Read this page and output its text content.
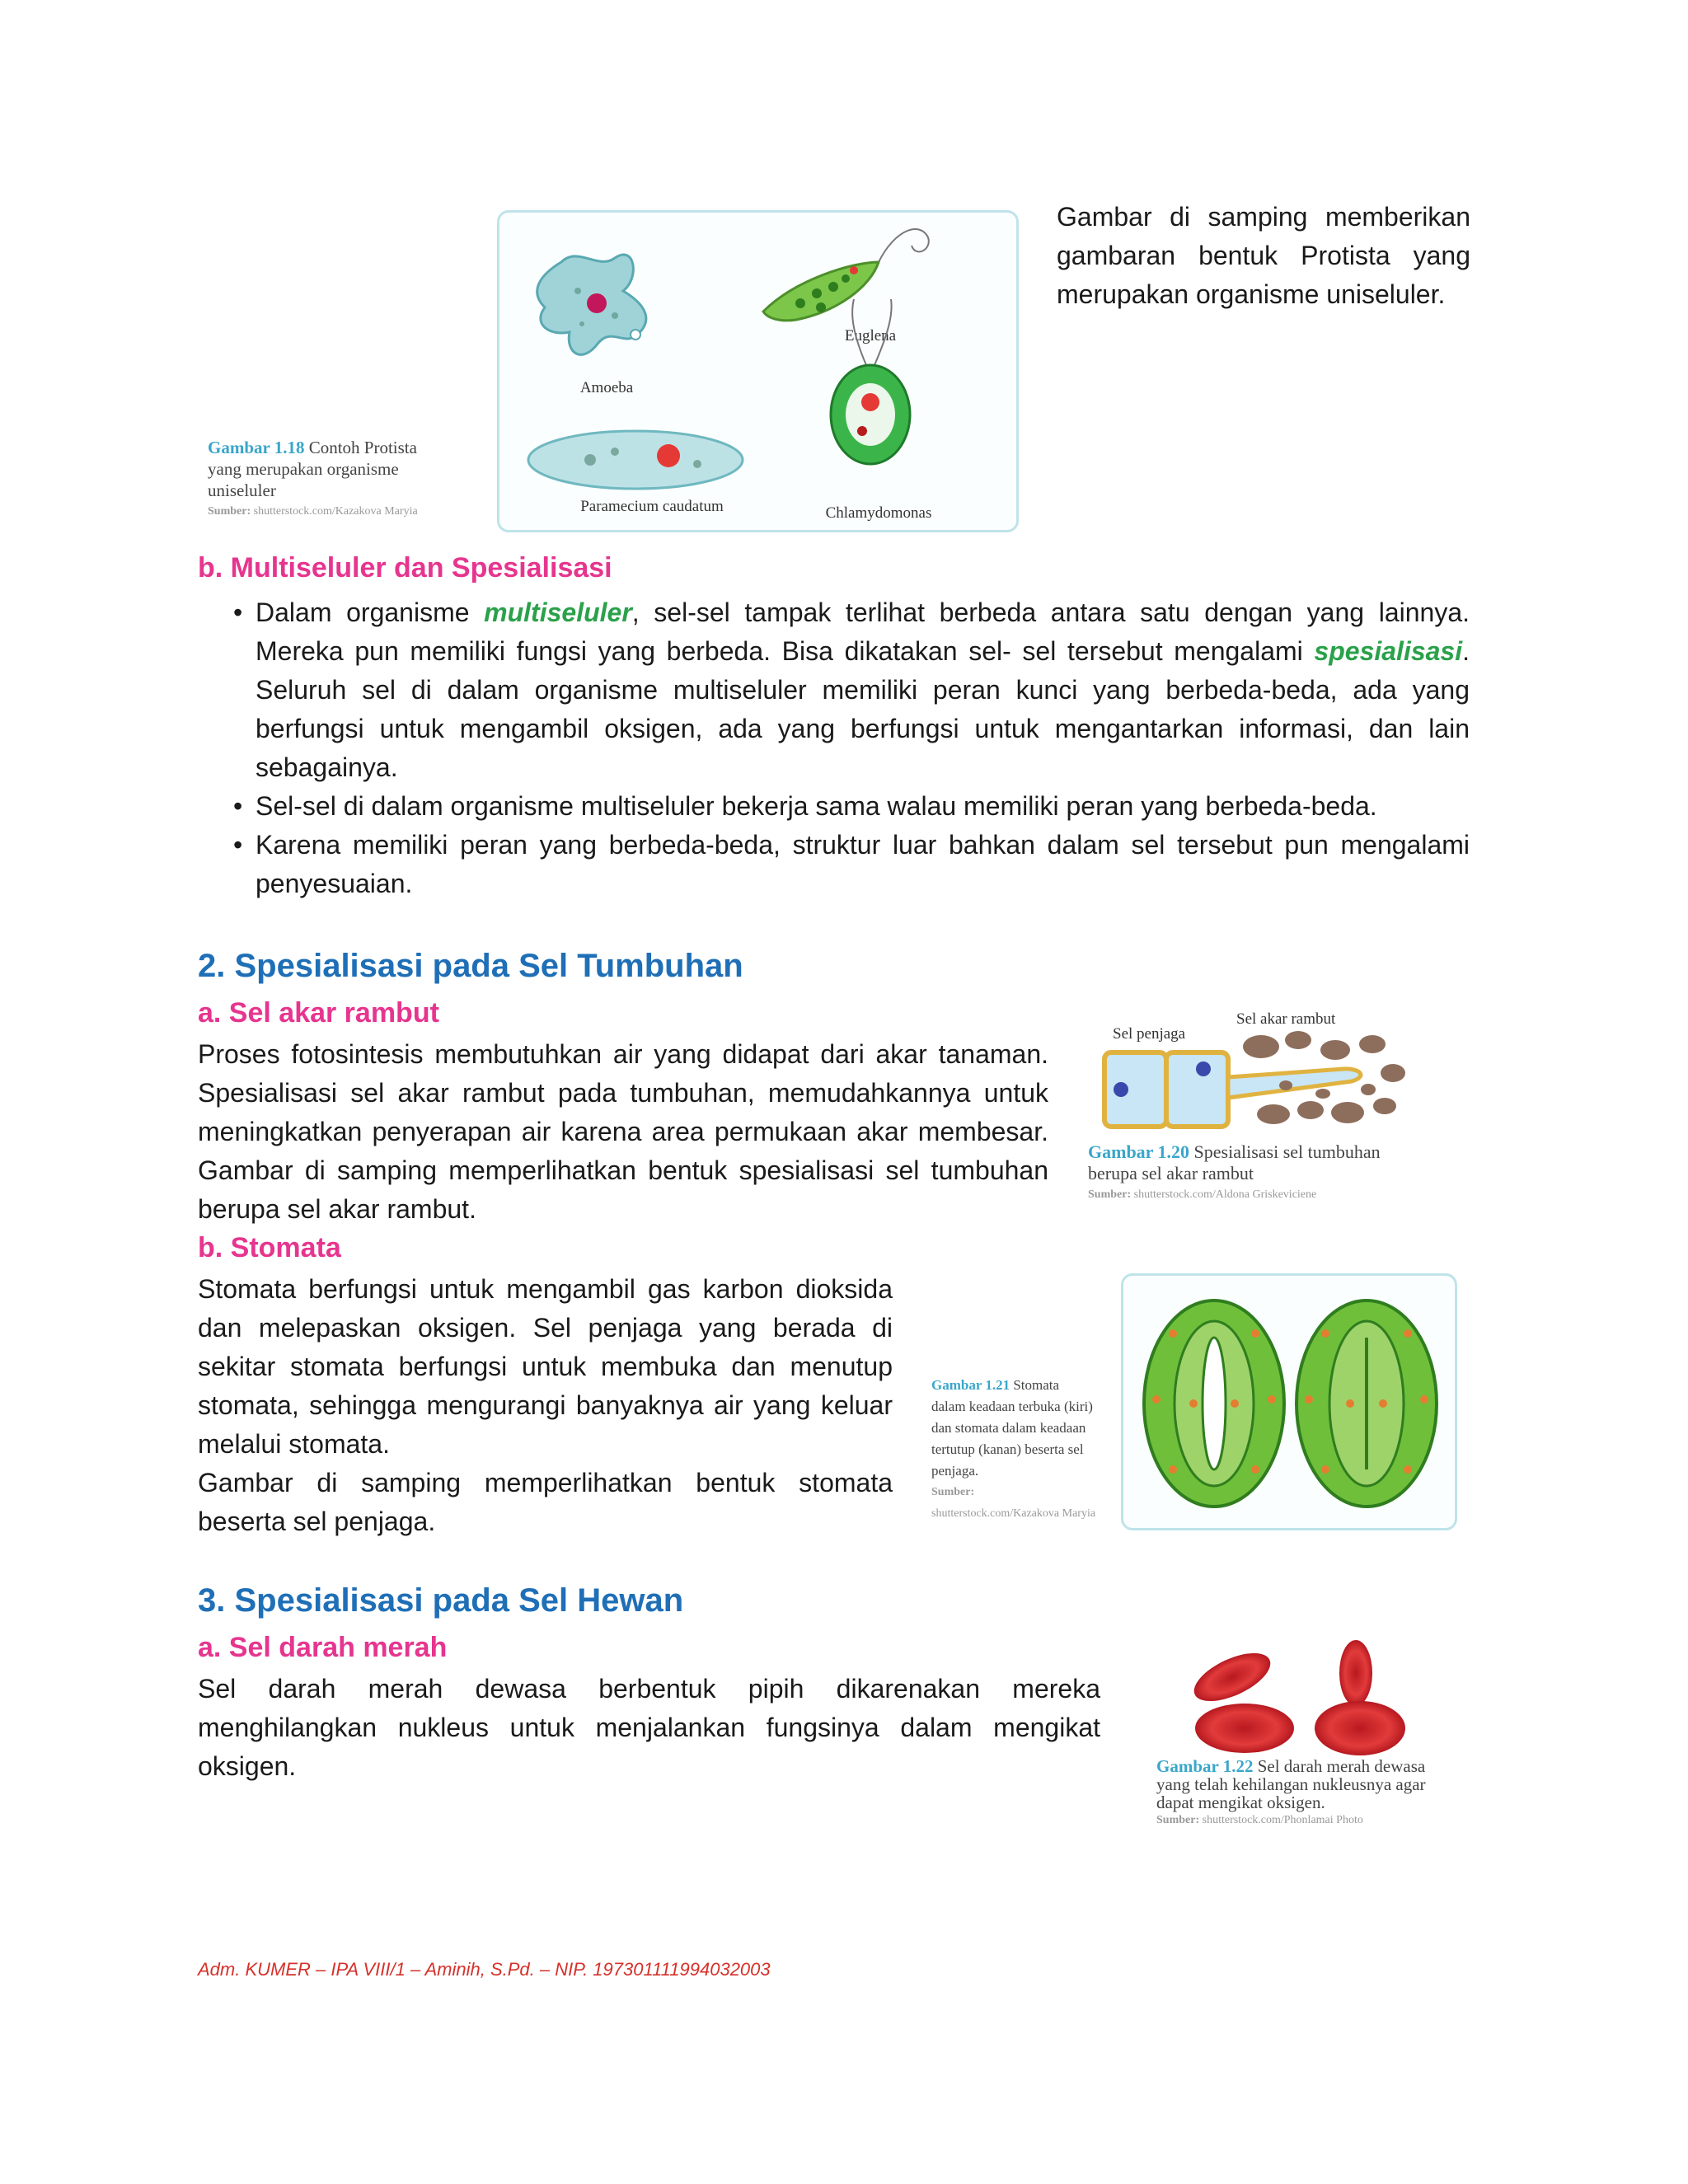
Amoeba
Euglena
Paramecium caudatum	Chlamydomonas
Gambar 1.18 Contoh Protista yang merupakan organisme uniseluler
Sumber: shutterstock.com/Kazakova Maryia
Gambar di samping memberikan gambaran bentuk Protista yang merupakan organisme uniseluler.
b. Multiseluler dan Spesialisasi
• Dalam organisme multiseluler, sel-sel tampak terlihat berbeda antara satu dengan yang lainnya. Mereka pun memiliki fungsi yang berbeda. Bisa dikatakan sel- sel tersebut mengalami spesialisasi. Seluruh sel di dalam organisme multiseluler memiliki peran kunci yang berbeda-beda, ada yang berfungsi untuk mengambil oksigen, ada yang berfungsi untuk mengantarkan informasi, dan lain sebagainya.
• Sel-sel di dalam organisme multiseluler bekerja sama walau memiliki peran yang berbeda-beda.
• Karena memiliki peran yang berbeda-beda, struktur luar bahkan dalam sel tersebut pun mengalami penyesuaian.
2. Spesialisasi pada Sel Tumbuhan
a. Sel akar rambut
Proses fotosintesis membutuhkan air yang didapat dari akar tanaman. Spesialisasi sel akar rambut pada tumbuhan, memudahkannya untuk meningkatkan penyerapan air karena area permukaan akar membesar. Gambar di samping memperlihatkan bentuk spesialisasi sel tumbuhan berupa sel akar rambut.
Sel penjaga
Sel akar rambut
Gambar 1.20 Spesialisasi sel tumbuhan berupa sel akar rambut
Sumber: shutterstock.com/Aldona Griskeviciene
b. Stomata
Stomata berfungsi untuk mengambil gas karbon dioksida dan melepaskan oksigen. Sel penjaga yang berada di sekitar stomata berfungsi untuk membuka dan menutup stomata, sehingga mengurangi banyaknya air yang keluar melalui stomata.
Gambar di samping memperlihatkan bentuk stomata beserta sel penjaga.
Gambar 1.21 Stomata dalam keadaan terbuka (kiri) dan stomata dalam keadaan tertutup (kanan) beserta sel penjaga.
Sumber: shutterstock.com/Kazakova Maryia
3. Spesialisasi pada Sel Hewan
a. Sel darah merah
Sel darah merah dewasa berbentuk pipih dikarenakan mereka menghilangkan nukleus untuk menjalankan fungsinya dalam mengikat oksigen.	Gambar 1.22 Sel darah merah dewasa yang telah kehilangan nukleusnya agar dapat mengikat oksigen.
Sumber: shutterstock.com/Phonlamai Photo
Adm. KUMER – IPA VIII/1 – Aminih, S.Pd. – NIP. 197301111994032003
